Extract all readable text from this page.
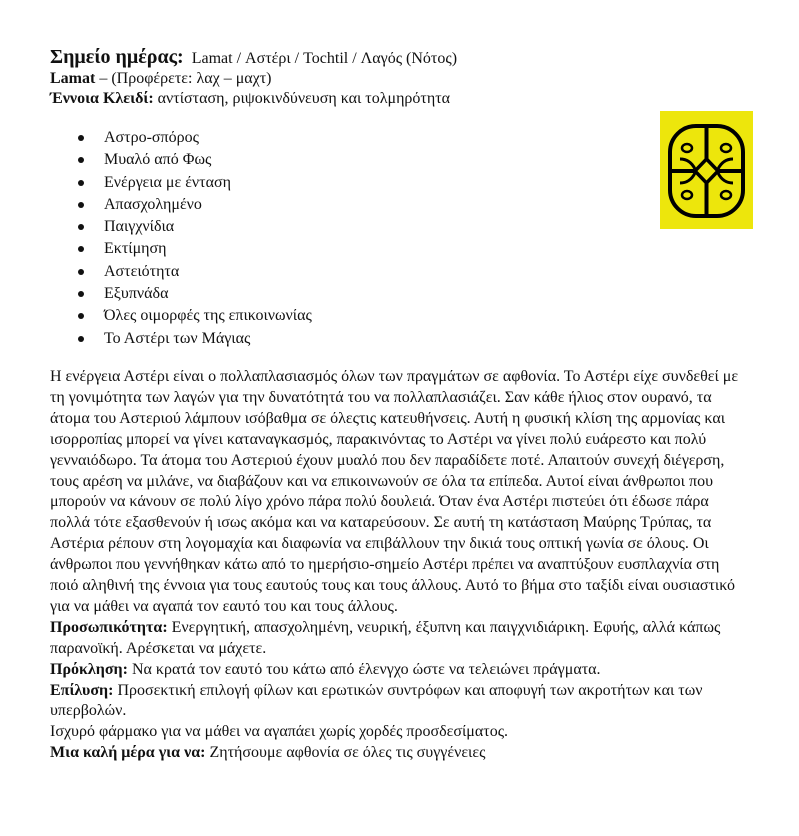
Σημείο ημέρας: Lamat / Αστέρι / Tochtil / Λαγός (Νότος)
Lamat – (Προφέρετε: λαχ – μαχτ)
Έννοια Κλειδί: αντίσταση, ριψοκινδύνευση και τολμηρότητα
Αστρο-σπόρος
Μυαλό από Φως
Ενέργεια με ένταση
Απασχολημένο
Παιγχνίδια
Εκτίμηση
Αστειότητα
Εξυπνάδα
Όλες οιμορφές της επικοινωνίας
Το Αστέρι των Μάγιας

Η ενέργεια Αστέρι είναι ο πολλαπλασιασμός όλων των πραγμάτων σε αφθονία. Το Αστέρι είχε συνδεθεί με τη γονιμότητα των λαγών για την δυνατότητά του να πολλαπλασιάζει. Σαν κάθε ήλιος στον ουρανό, τα άτομα του Αστεριού λάμπουν ισόβαθμα σε όλεςτις κατευθήνσεις. Αυτή η φυσική κλίση της αρμονίας και ισορροπίας μπορεί να γίνει καταναγκασμός, παρακινόντας το Αστέρι να γίνει πολύ ευάρεστο και πολύ γενναιόδωρο. Τα άτομα του Αστεριού έχουν μυαλό που δεν παραδίδετε ποτέ. Απαιτούν συνεχή διέγερση, τους αρέση να μιλάνε, να διαβάζουν και να επικοινωνούν σε όλα τα επίπεδα. Αυτοί είναι άνθρωποι που μπορούν να κάνουν σε πολύ λίγο χρόνο πάρα πολύ δουλειά. Όταν ένα Αστέρι πιστεύει ότι έδωσε πάρα πολλά τότε εξασθενούν ή ισως ακόμα και να καταρεύσουν. Σε αυτή τη κατάσταση Μαύρης Τρύπας, τα Αστέρια ρέπουν στη λογομαχία και διαφωνία να επιβάλλουν την δικιά τους οπτική γωνία σε όλους. Οι άνθρωποι που γεννήθηκαν κάτω από το ημερήσιο-σημείο Αστέρι πρέπει να αναπτύξουν ευσπλαχνία στη ποιό αληθινή της έννοια για τους εαυτούς τους και τους άλλους. Αυτό το βήμα στο ταξίδι είναι ουσιαστικό για να μάθει να αγαπά τον εαυτό του και τους άλλους.

Προσωπικότητα: Ενεργητική, απασχολημένη, νευρική, έξυπνη και παιγχνιδιάρικη. Εφυής, αλλά κάπως παρανοϊκή. Αρέσκεται να μάχετε.

Πρόκληση: Να κρατά τον εαυτό του κάτω από έλενγχο ώστε να τελειώνει πράγματα.

Επίλυση: Προσεκτική επιλογή φίλων και ερωτικών συντρόφων και αποφυγή των ακροτήτων και των υπερβολών.

Ισχυρό φάρμακο για να μάθει να αγαπάει χωρίς χορδές προσδεσίματος.

Μια καλή μέρα για να: Ζητήσουμε αφθονία σε όλες τις συγγένειες
